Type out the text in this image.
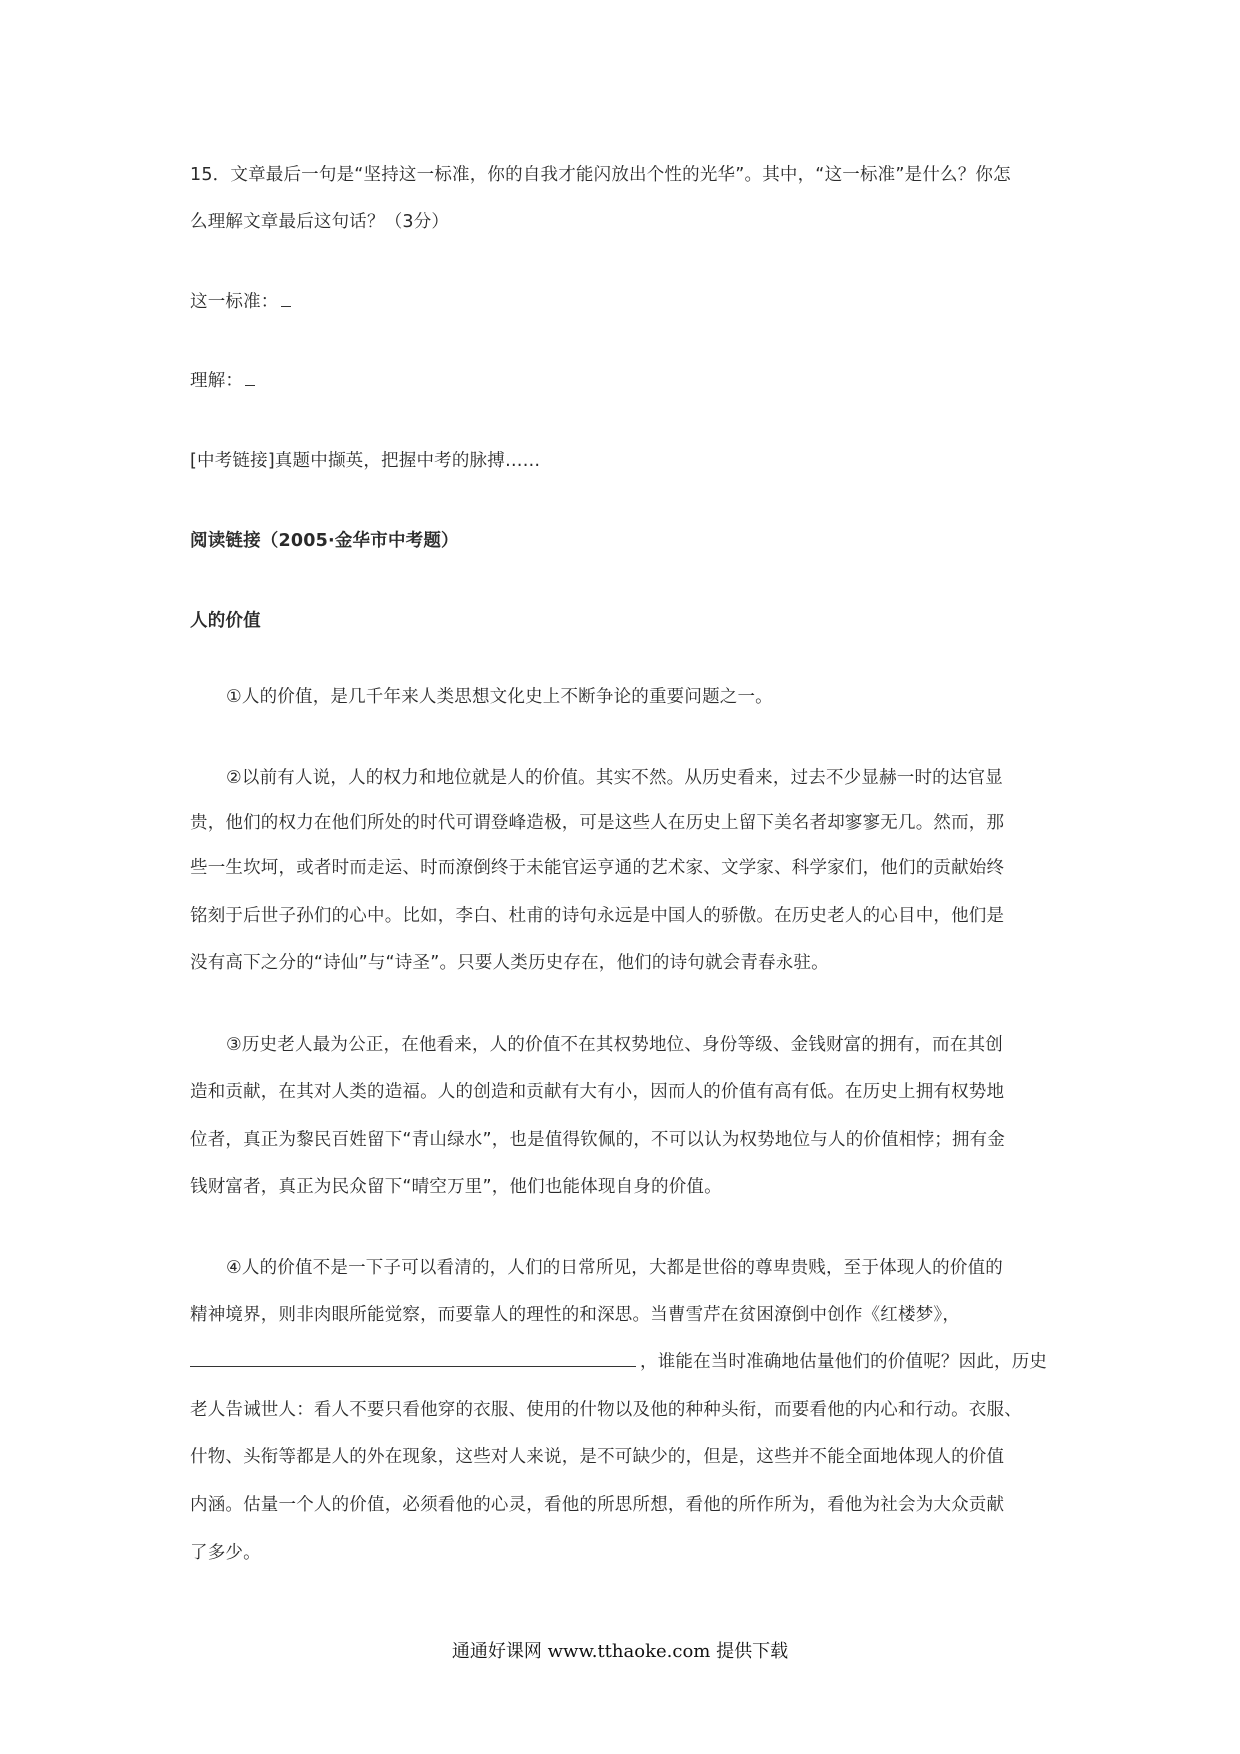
15．文章最后一句是“坚持这一标准，你的自我才能闪放出个性的光华”。其中，“这一标准”是什么？你怎
么理解文章最后这句话？（3分）
这一标准：
理解：
[中考链接]真题中撷英，把握中考的脉搏……
阅读链接（2005·金华市中考题）
人的价值
①人的价值，是几千年来人类思想文化史上不断争论的重要问题之一。
②以前有人说，人的权力和地位就是人的价值。其实不然。从历史看来，过去不少显赫一时的达官显
贵，他们的权力在他们所处的时代可谓登峰造极，可是这些人在历史上留下美名者却寥寥无几。然而，那
些一生坎坷，或者时而走运、时而潦倒终于未能官运亨通的艺术家、文学家、科学家们，他们的贡献始终
铭刻于后世子孙们的心中。比如，李白、杜甫的诗句永远是中国人的骄傲。在历史老人的心目中，他们是
没有高下之分的“诗仙”与“诗圣”。只要人类历史存在，他们的诗句就会青春永驻。
③历史老人最为公正，在他看来，人的价值不在其权势地位、身份等级、金钱财富的拥有，而在其创
造和贡献，在其对人类的造福。人的创造和贡献有大有小，因而人的价值有高有低。在历史上拥有权势地
位者，真正为黎民百姓留下“青山绿水”，也是值得钦佩的，不可以认为权势地位与人的价值相悖；拥有金
钱财富者，真正为民众留下“晴空万里”，他们也能体现自身的价值。
④人的价值不是一下子可以看清的，人们的日常所见，大都是世俗的尊卑贵贱，至于体现人的价值的
精神境界，则非肉眼所能觉察，而要靠人的理性的和深思。当曹雪芹在贫困潦倒中创作《红楼梦》，
，谁能在当时准确地估量他们的价值呢？因此，历史
老人告诫世人：看人不要只看他穿的衣服、使用的什物以及他的种种头衔，而要看他的内心和行动。衣服、
什物、头衔等都是人的外在现象，这些对人来说，是不可缺少的，但是，这些并不能全面地体现人的价值
内涵。估量一个人的价值，必须看他的心灵，看他的所思所想，看他的所作所为，看他为社会为大众贡献
了多少。
通通好课网 www.tthaoke.com 提供下载
